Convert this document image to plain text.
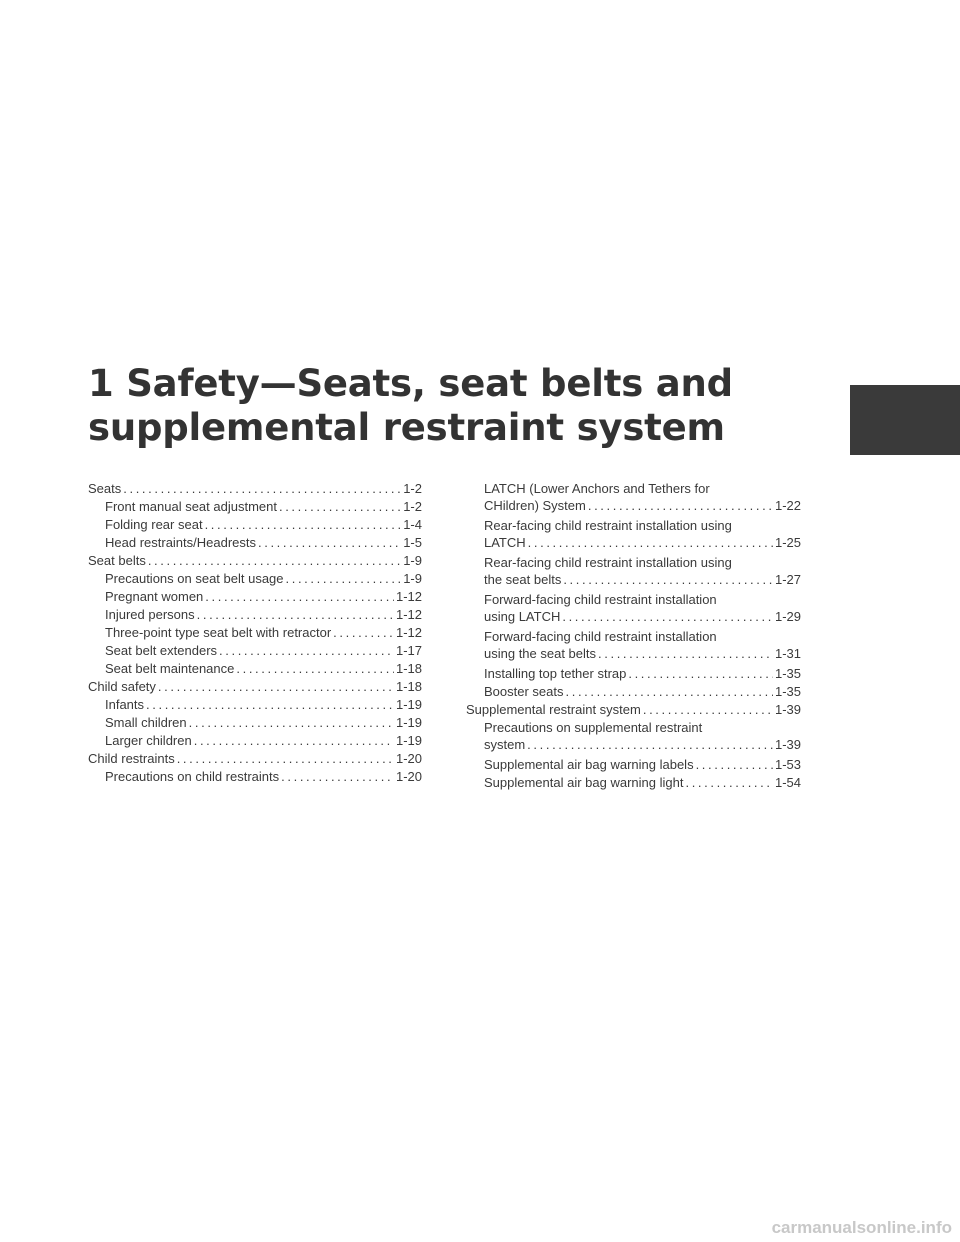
1 Safety—Seats, seat belts and
supplemental restraint system
Seats . . .	1-2
Front manual seat adjustment . . .	1-2
Folding rear seat . . .	1-4
Head restraints/Headrests . . .	1-5
Seat belts . . .	1-9
Precautions on seat belt usage . . .	1-9
Pregnant women . . .	1-12
Injured persons . . .	1-12
Three-point type seat belt with retractor . . .	1-12
Seat belt extenders . . .	1-17
Seat belt maintenance . . .	1-18
Child safety . . .	1-18
Infants . . .	1-19
Small children . . .	1-19
Larger children . . .	1-19
Child restraints . . .	1-20
Precautions on child restraints . . .	1-20
LATCH (Lower Anchors and Tethers for
CHildren) System . . .	1-22
Rear-facing child restraint installation using
LATCH . . .	1-25
Rear-facing child restraint installation using
the seat belts . . .	1-27
Forward-facing child restraint installation
using LATCH . . .	1-29
Forward-facing child restraint installation
using the seat belts . . .	1-31
Installing top tether strap . . .	1-35
Booster seats . . .	1-35
Supplemental restraint system . . .	1-39
Precautions on supplemental restraint
system . . .	1-39
Supplemental air bag warning labels . . .	1-53
Supplemental air bag warning light . . .	1-54
carmanualsonline.info
